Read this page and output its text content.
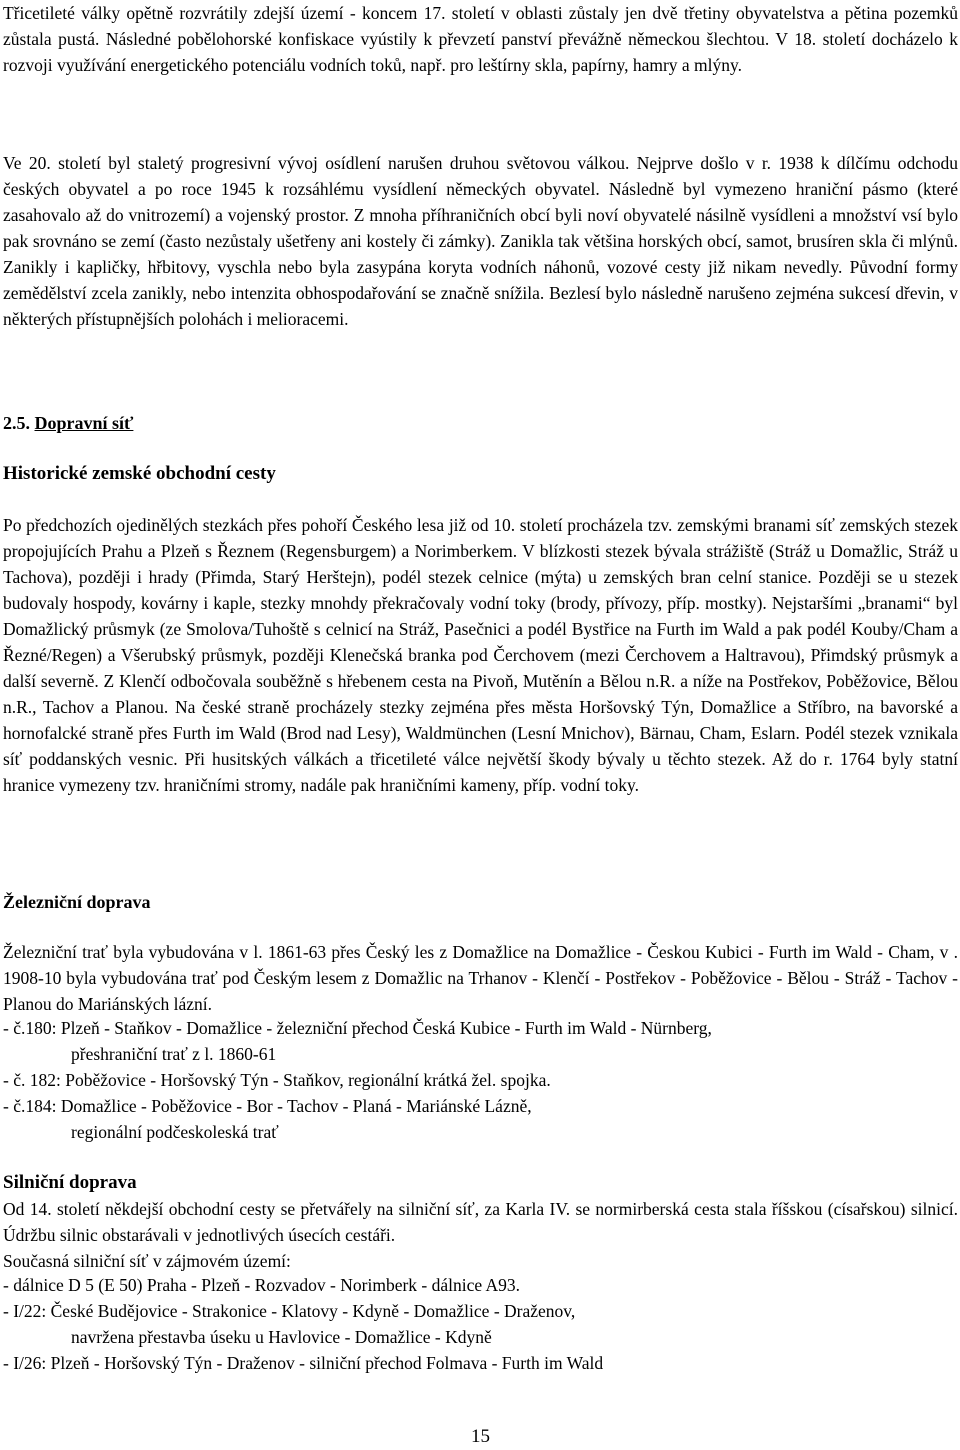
Třicetileté války opětně rozvrátily zdejší území - koncem 17. století v oblasti zůstaly jen dvě třetiny obyvatelstva a pětina pozemků zůstala pustá. Následné pobělohorské konfiskace vyústily k převzetí panství převážně německou šlechtou. V 18. století docházelo k rozvoji využívání energetického potenciálu vodních toků, např. pro leštírny skla, papírny, hamry a mlýny.

Ve 20. století byl staletý progresivní vývoj osídlení narušen druhou světovou válkou. Nejprve došlo v r. 1938 k dílčímu odchodu českých obyvatel a po roce 1945 k rozsáhlému vysídlení německých obyvatel. Následně byl vymezeno hraniční pásmo (které zasahovalo až do vnitrozemí) a vojenský prostor. Z mnoha příhraničních obcí byli noví obyvatelé násilně vysídleni a množství vsí bylo pak srovnáno se zemí (často nezůstaly ušetřeny ani kostely či zámky). Zanikla tak většina horských obcí, samot, brusíren skla či mlýnů. Zanikly i kapličky, hřbitovy, vyschla nebo byla zasypána koryta vodních náhonů, vozové cesty již nikam nevedly. Původní formy zemědělství zcela zanikly, nebo intenzita obhospodařování se značně snížila. Bezlesí bylo následně narušeno zejména sukcesí dřevin, v některých přístupnějších polohách i melioracemi.

2.5. Dopravní síť
Historické zemské obchodní cesty

Po předchozích ojedinělých stezkách přes pohoří Českého lesa již od 10. století procházela tzv. zemskými branami síť zemských stezek propojujících Prahu a Plzeň s Řeznem (Regensburgem) a Norimberkem. V blízkosti stezek bývala strážiště (Stráž u Domažlic, Stráž u Tachova), později i hrady (Přimda, Starý Herštejn), podél stezek celnice (mýta) u zemských bran celní stanice. Později se u stezek budovaly hospody, kovárny i kaple, stezky mnohdy překračovaly vodní toky (brody, přívozy, příp. mostky). Nejstaršími „branami“ byl Domažlický průsmyk (ze Smolova/Tuhoště s celnicí na Stráž, Pasečnici a podél Bystřice na Furth im Wald a pak podél Kouby/Cham a Řezné/Regen) a Všerubský průsmyk, později Klenečská branka pod Čerchovem (mezi Čerchovem a Haltravou), Přimdský průsmyk a další severně. Z Klenčí odbočovala souběžně s hřebenem cesta na Pivoň, Mutěnín a Bělou n.R. a níže na Postřekov, Poběžovice, Bělou n.R., Tachov a Planou. Na české straně procházely stezky zejména přes města Horšovský Týn, Domažlice a Stříbro, na bavorské a hornofalcké straně přes Furth im Wald (Brod nad Lesy), Waldmünchen (Lesní Mnichov), Bärnau, Cham, Eslarn. Podél stezek vznikala síť poddanských vesnic. Při husitských válkách a třicetileté válce největší škody bývaly u těchto stezek. Až do r. 1764 byly statní hranice vymezeny tzv. hraničními stromy, nadále pak hraničními kameny, příp. vodní toky.

Železniční doprava

Železniční trať byla vybudována v l. 1861-63 přes Český les z Domažlice na Domažlice - Českou Kubici - Furth im Wald - Cham, v . 1908-10 byla vybudována trať pod Českým lesem z Domažlic na Trhanov - Klenčí - Postřekov - Poběžovice - Bělou - Stráž - Tachov - Planou do Mariánských lázní.

- č.180: Plzeň - Staňkov - Domažlice - železniční přechod Česká Kubice - Furth im Wald - Nürnberg,
přeshraniční trať z l. 1860-61
- č. 182: Poběžovice - Horšovský Týn - Staňkov, regionální krátká žel. spojka.
- č.184: Domažlice - Poběžovice - Bor - Tachov - Planá - Mariánské Lázně,
regionální podčeskoleská trať
Silniční doprava

Od 14. století někdejší obchodní cesty se přetvářely na silniční síť, za Karla IV. se normirberská cesta stala říšskou (císařskou) silnicí. Údržbu silnic obstarávali v jednotlivých úsecích cestáři.

Současná silniční síť v zájmovém území:
- dálnice D 5 (E 50) Praha - Plzeň - Rozvadov - Norimberk - dálnice A93.
- I/22: České Budějovice - Strakonice - Klatovy - Kdyně - Domažlice - Draženov,
navržena přestavba úseku u Havlovice - Domažlice - Kdyně
- I/26: Plzeň - Horšovský Týn - Draženov - silniční přechod Folmava - Furth im Wald
15
